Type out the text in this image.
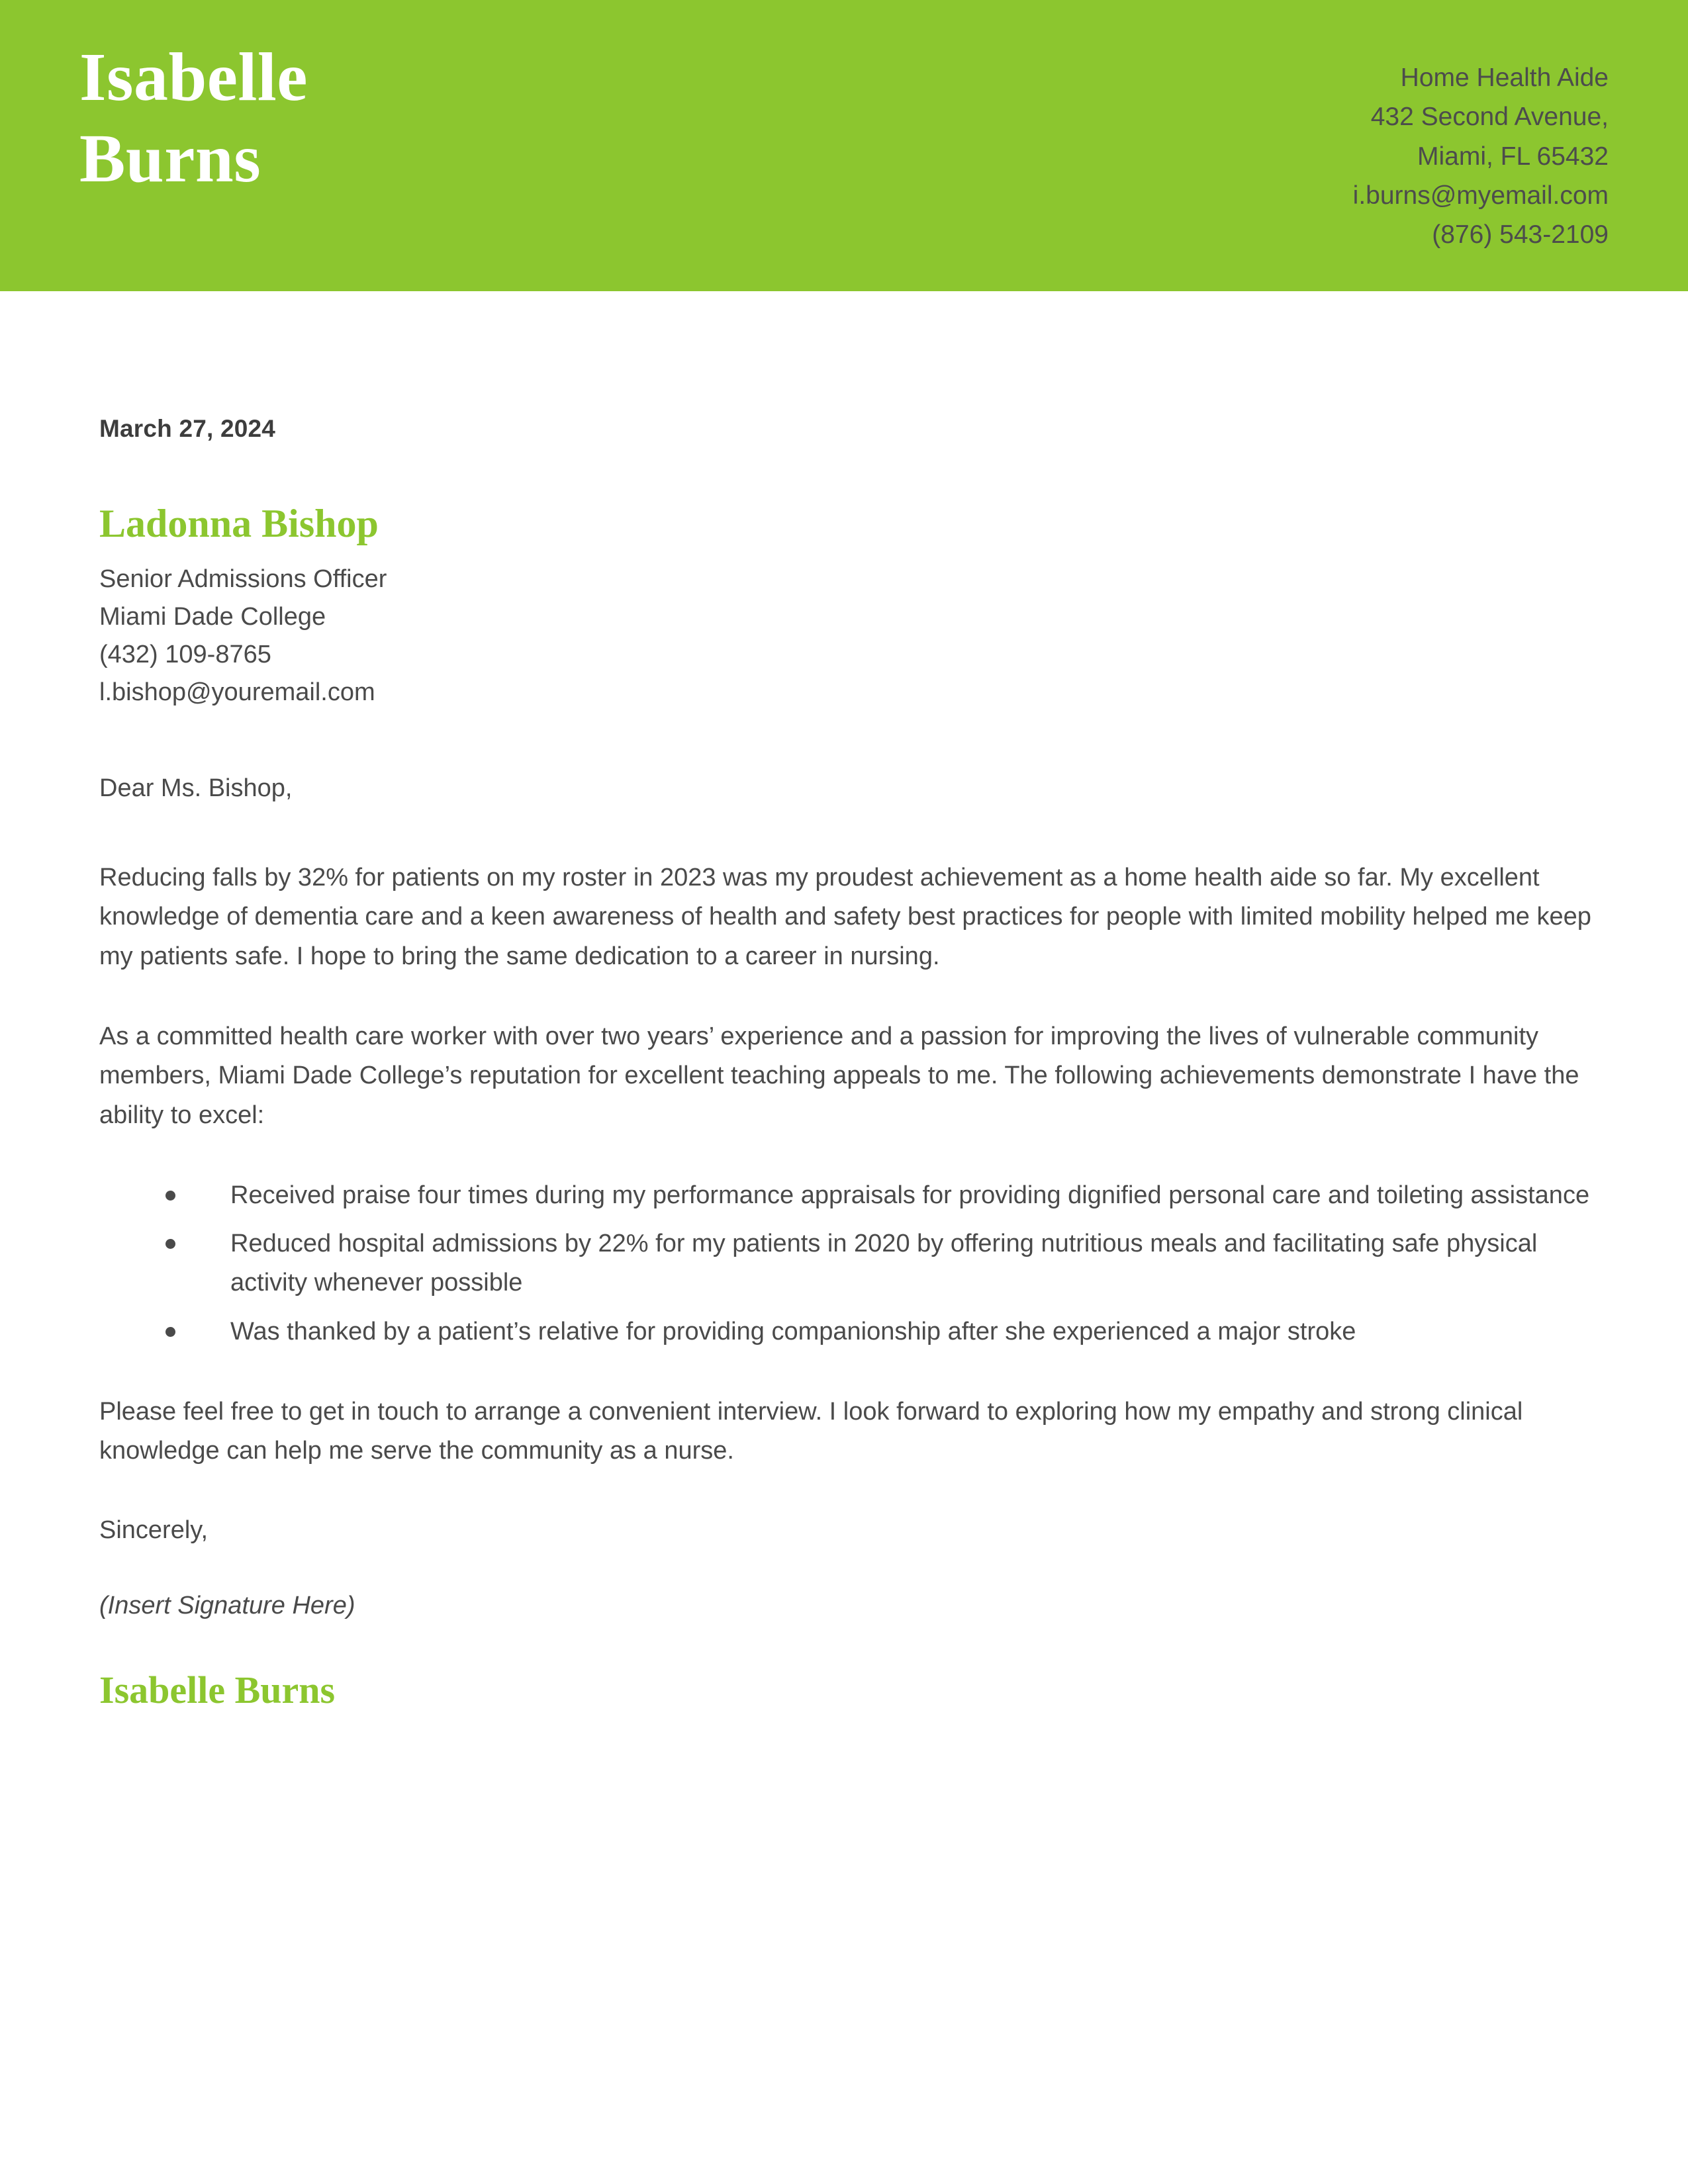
Isabelle
Burns
Home Health Aide
432 Second Avenue,
Miami, FL 65432
i.burns@myemail.com
(876) 543-2109
March 27, 2024
Ladonna Bishop
Senior Admissions Officer
Miami Dade College
(432) 109-8765
l.bishop@youremail.com
Dear Ms. Bishop,

Reducing falls by 32% for patients on my roster in 2023 was my proudest achievement as a home health aide so far. My excellent knowledge of dementia care and a keen awareness of health and safety best practices for people with limited mobility helped me keep my patients safe. I hope to bring the same dedication to a career in nursing.

As a committed health care worker with over two years’ experience and a passion for improving the lives of vulnerable community members, Miami Dade College’s reputation for excellent teaching appeals to me. The following achievements demonstrate I have the ability to excel:

Received praise four times during my performance appraisals for providing dignified personal care and toileting assistance
Reduced hospital admissions by 22% for my patients in 2020 by offering nutritious meals and facilitating safe physical activity whenever possible
Was thanked by a patient’s relative for providing companionship after she experienced a major stroke

Please feel free to get in touch to arrange a convenient interview. I look forward to exploring how my empathy and strong clinical knowledge can help me serve the community as a nurse.

Sincerely,
(Insert Signature Here)
Isabelle Burns
